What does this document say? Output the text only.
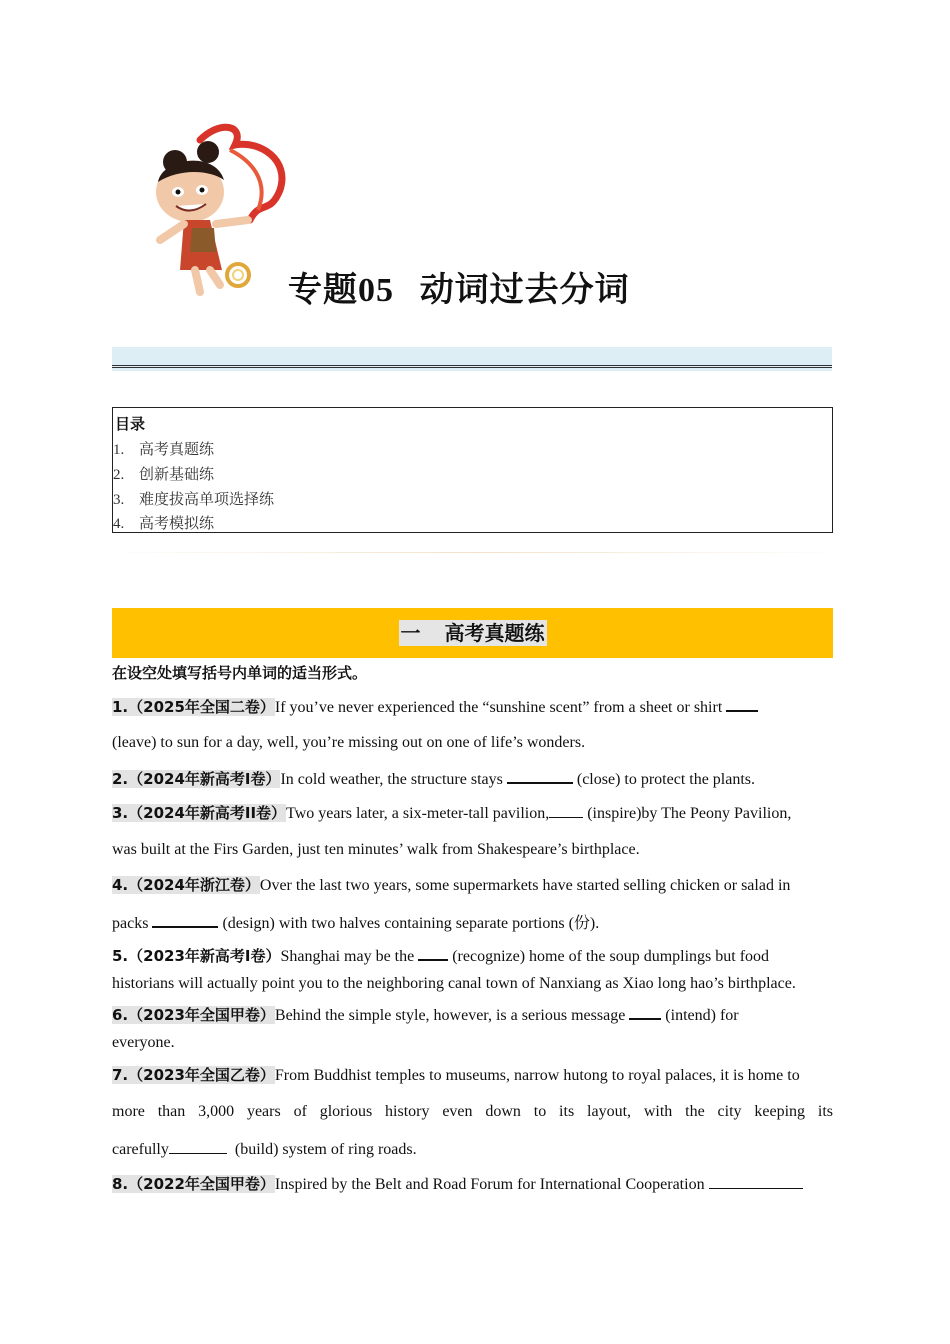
专题05 动词过去分词
目录
1. 高考真题练
2. 创新基础练
3. 难度拔高单项选择练
4. 高考模拟练
一 高考真题练
在设空处填写括号内单词的适当形式。
1.（2025年全国二卷）If you’ve never experienced the “sunshine scent” from a sheet or shirt
(leave) to sun for a day, well, you’re missing out on one of life’s wonders.
2.（2024年新高考I卷）In cold weather, the structure stays	(close) to protect the plants.
3.（2024年新高考II卷）Two years later, a six-meter-tall pavilion, (inspire)by The Peony Pavilion,
was built at the Firs Garden, just ten minutes’ walk from Shakespeare’s birthplace.
4.（2024年浙江卷）Over the last two years, some supermarkets have started selling chicken or salad in
packs	(design) with two halves containing separate portions (份).
5.（2023年新高考I卷）Shanghai may be the (recognize) home of the soup dumplings but food
historians will actually point you to the neighboring canal town of Nanxiang as Xiao long hao’s birthplace.
6.（2023年全国甲卷）Behind the simple style, however, is a serious message	(intend) for
everyone.
7.（2023年全国乙卷）From Buddhist temples to museums, narrow hutong to royal palaces, it is home to
more than 3,000 years of glorious history even down to its layout, with the city keeping its
carefully	(build) system of ring roads.
8.（2022年全国甲卷）Inspired by the Belt and Road Forum for International Cooperation
